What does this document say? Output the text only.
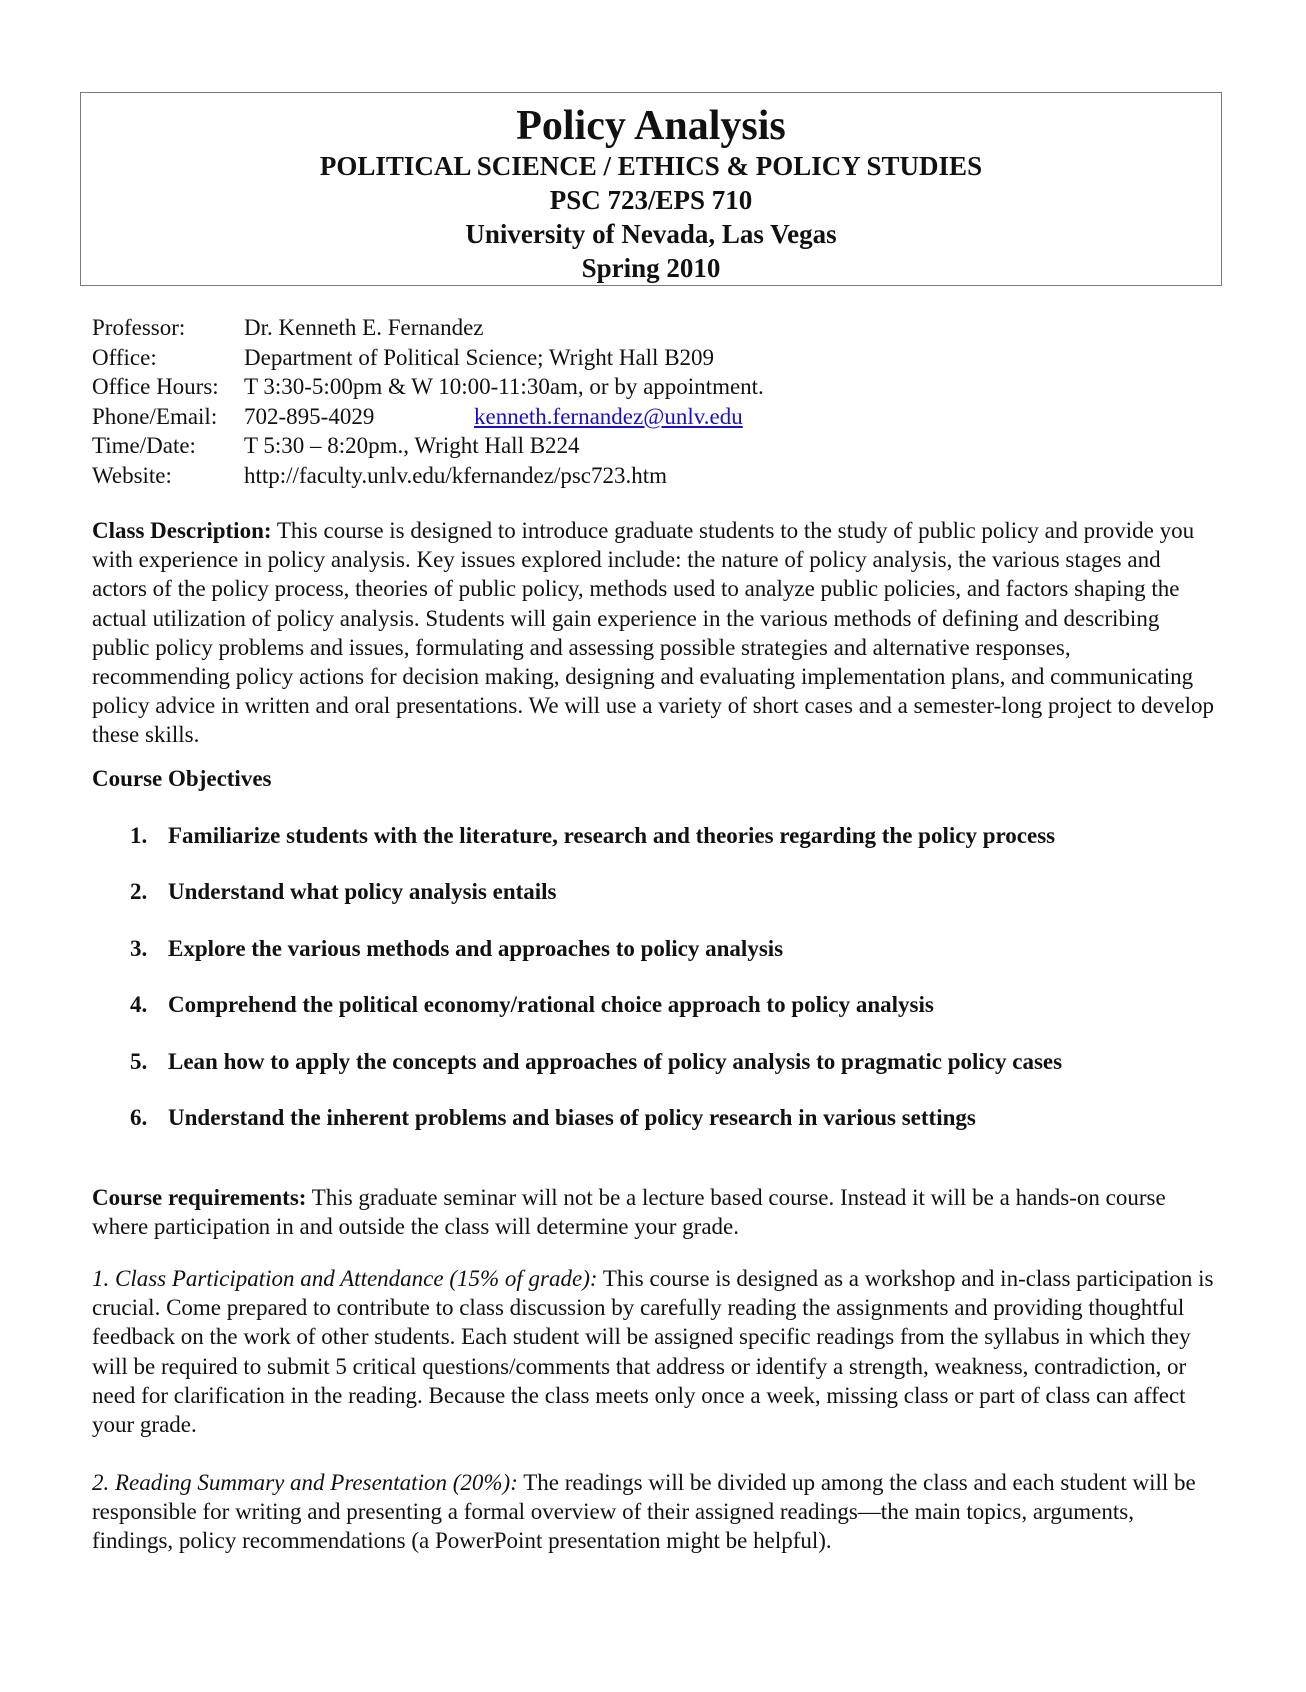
Policy Analysis
POLITICAL SCIENCE / ETHICS & POLICY STUDIES
PSC 723/EPS 710
University of Nevada, Las Vegas
Spring 2010
Professor:	Dr. Kenneth E. Fernandez
Office:	Department of Political Science; Wright Hall B209
Office Hours: T 3:30-5:00pm & W 10:00-11:30am, or by appointment.
Phone/Email: 702-895-4029	kenneth.fernandez@unlv.edu
Time/Date: T 5:30 – 8:20pm., Wright Hall B224
Website:	http://faculty.unlv.edu/kfernandez/psc723.htm
Class Description: This course is designed to introduce graduate students to the study of public policy and provide you with experience in policy analysis. Key issues explored include: the nature of policy analysis, the various stages and actors of the policy process, theories of public policy, methods used to analyze public policies, and factors shaping the actual utilization of policy analysis. Students will gain experience in the various methods of defining and describing public policy problems and issues, formulating and assessing possible strategies and alternative responses, recommending policy actions for decision making, designing and evaluating implementation plans, and communicating policy advice in written and oral presentations. We will use a variety of short cases and a semester-long project to develop these skills.
Course Objectives
1. Familiarize students with the literature, research and theories regarding the policy process
2. Understand what policy analysis entails
3. Explore the various methods and approaches to policy analysis
4. Comprehend the political economy/rational choice approach to policy analysis
5. Lean how to apply the concepts and approaches of policy analysis to pragmatic policy cases
6. Understand the inherent problems and biases of policy research in various settings
Course requirements: This graduate seminar will not be a lecture based course. Instead it will be a hands-on course where participation in and outside the class will determine your grade.
1. Class Participation and Attendance (15% of grade): This course is designed as a workshop and in-class participation is crucial. Come prepared to contribute to class discussion by carefully reading the assignments and providing thoughtful feedback on the work of other students. Each student will be assigned specific readings from the syllabus in which they will be required to submit 5 critical questions/comments that address or identify a strength, weakness, contradiction, or need for clarification in the reading. Because the class meets only once a week, missing class or part of class can affect your grade.
2. Reading Summary and Presentation (20%): The readings will be divided up among the class and each student will be responsible for writing and presenting a formal overview of their assigned readings—the main topics, arguments, findings, policy recommendations (a PowerPoint presentation might be helpful).
